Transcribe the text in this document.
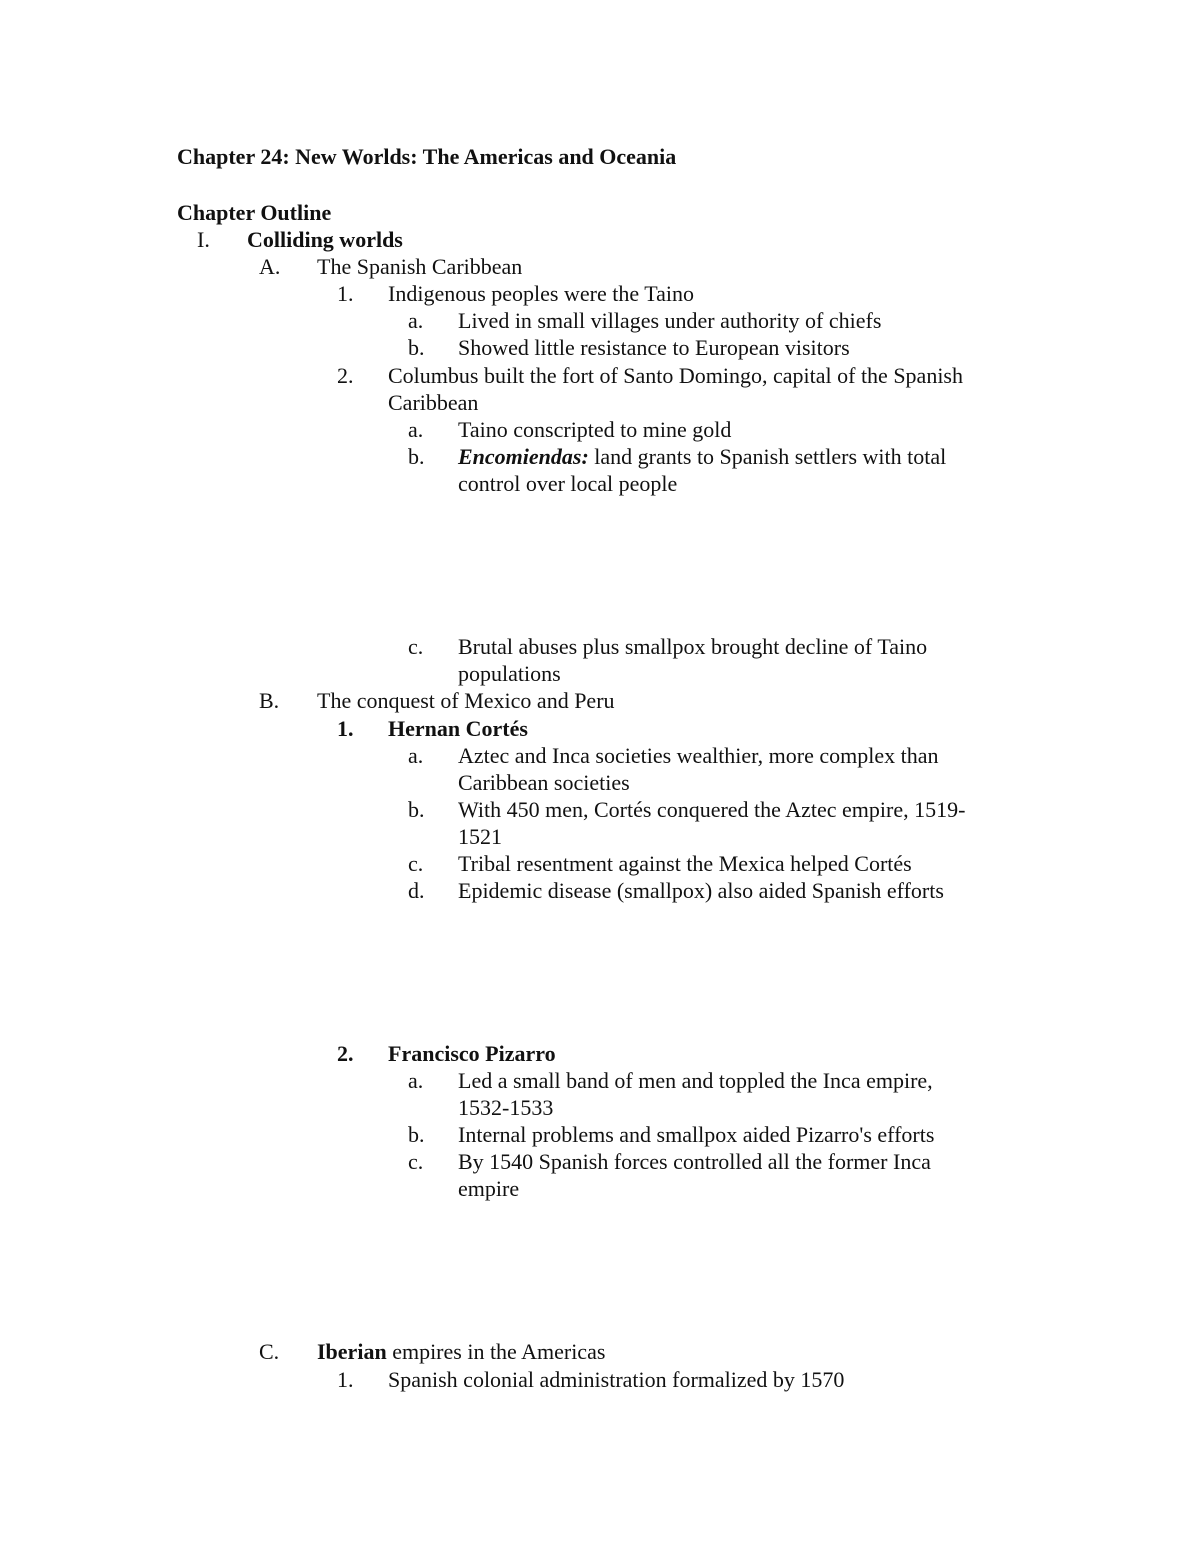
Chapter 24: New Worlds: The Americas and Oceania
Chapter Outline
I. Colliding worlds
A. The Spanish Caribbean
1. Indigenous peoples were the Taino
a. Lived in small villages under authority of chiefs
b. Showed little resistance to European visitors
2. Columbus built the fort of Santo Domingo, capital of the Spanish
Caribbean
a. Taino conscripted to mine gold
b. Encomiendas: land grants to Spanish settlers with total
control over local people
c. Brutal abuses plus smallpox brought decline of Taino
populations
B. The conquest of Mexico and Peru
1. Hernan Cortés
a. Aztec and Inca societies wealthier, more complex than
Caribbean societies
b. With 450 men, Cortés conquered the Aztec empire, 1519-
1521
c. Tribal resentment against the Mexica helped Cortés
d. Epidemic disease (smallpox) also aided Spanish efforts
2. Francisco Pizarro
a. Led a small band of men and toppled the Inca empire,
1532-1533
b. Internal problems and smallpox aided Pizarro's efforts
c. By 1540 Spanish forces controlled all the former Inca
empire
C. Iberian empires in the Americas
1. Spanish colonial administration formalized by 1570
